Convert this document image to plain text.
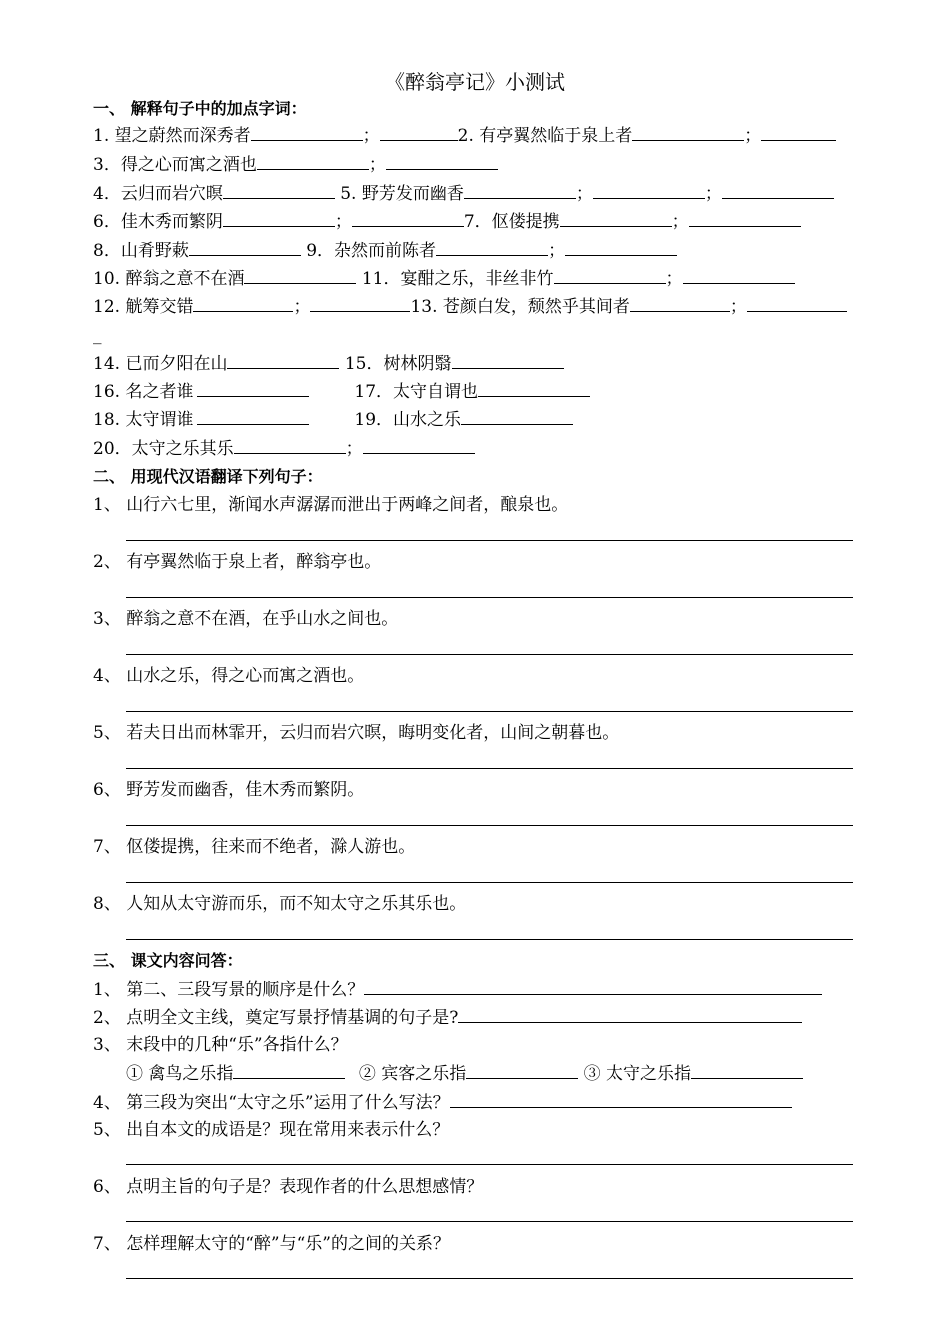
《醉翁亭记》小测试
一、 解释句子中的加点字词：
1. 望之蔚然而深秀者	；	2. 有亭翼然临于泉上者	；
3．得之心而寓之酒也	；
4．云归而岩穴暝	5. 野芳发而幽香	；	；
6．佳木秀而繁阴	；	7．伛偻提携	；
8．山肴野蔌	9．杂然而前陈者	；
10. 醉翁之意不在酒	11．宴酣之乐，非丝非竹	；
12. 觥筹交错	；	13. 苍颜白发，颓然乎其间者	；
_
14. 已而夕阳在山	15．树林阴翳
16. 名之者谁	17．太守自谓也
18. 太守谓谁	19．山水之乐
20．太守之乐其乐	；
二、 用现代汉语翻译下列句子：
1、 山行六七里，渐闻水声潺潺而泄出于两峰之间者，酿泉也。
2、 有亭翼然临于泉上者，醉翁亭也。
3、 醉翁之意不在酒，在乎山水之间也。
4、 山水之乐，得之心而寓之酒也。
5、 若夫日出而林霏开，云归而岩穴暝，晦明变化者，山间之朝暮也。
6、 野芳发而幽香，佳木秀而繁阴。
7、 伛偻提携，往来而不绝者，滁人游也。
8、 人知从太守游而乐，而不知太守之乐其乐也。
三、 课文内容问答：
1、 第二、三段写景的顺序是什么？
2、 点明全文主线，奠定写景抒情基调的句子是?
3、 末段中的几种“乐”各指什么？
① 禽鸟之乐指	② 宾客之乐指	③ 太守之乐指
4、 第三段为突出“太守之乐”运用了什么写法？
5、 出自本文的成语是？现在常用来表示什么？
6、 点明主旨的句子是？表现作者的什么思想感情？
7、 怎样理解太守的“醉”与“乐”的之间的关系？
